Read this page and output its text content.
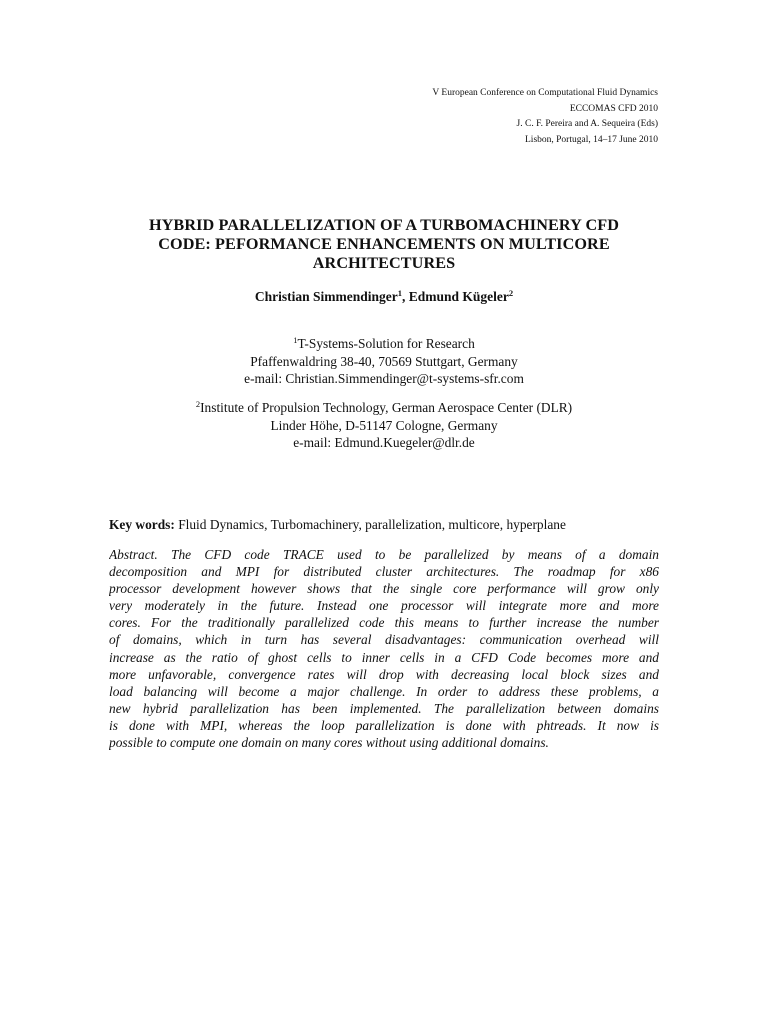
V European Conference on Computational Fluid Dynamics
ECCOMAS CFD 2010
J. C. F. Pereira and A. Sequeira (Eds)
Lisbon, Portugal, 14–17 June 2010
HYBRID PARALLELIZATION OF A TURBOMACHINERY CFD
CODE: PEFORMANCE ENHANCEMENTS ON MULTICORE
ARCHITECTURES
Christian Simmendinger$^1$, Edmund Kügeler$^2$
$^1$T-Systems-Solution for Research
Pfaffenwaldring 38-40, 70569 Stuttgart, Germany
e-mail: Christian.Simmendinger@t-systems-sfr.com
$^2$Institute of Propulsion Technology, German Aerospace Center (DLR)
Linder Höhe, D-51147 Cologne, Germany
e-mail: Edmund.Kuegeler@dlr.de
Key words: Fluid Dynamics, Turbomachinery, parallelization, multicore, hyperplane
Abstract. The CFD code TRACE used to be parallelized by means of a domain
decomposition and MPI for distributed cluster architectures. The roadmap for x86
processor development however shows that the single core performance will grow only
very moderately in the future. Instead one processor will integrate more and more
cores. For the traditionally parallelized code this means to further increase the number
of domains, which in turn has several disadvantages: communication overhead will
increase as the ratio of ghost cells to inner cells in a CFD Code becomes more and
more unfavorable, convergence rates will drop with decreasing local block sizes and
load balancing will become a major challenge. In order to address these problems, a
new hybrid parallelization has been implemented. The parallelization between domains
is done with MPI, whereas the loop parallelization is done with phtreads. It now is
possible to compute one domain on many cores without using additional domains.
